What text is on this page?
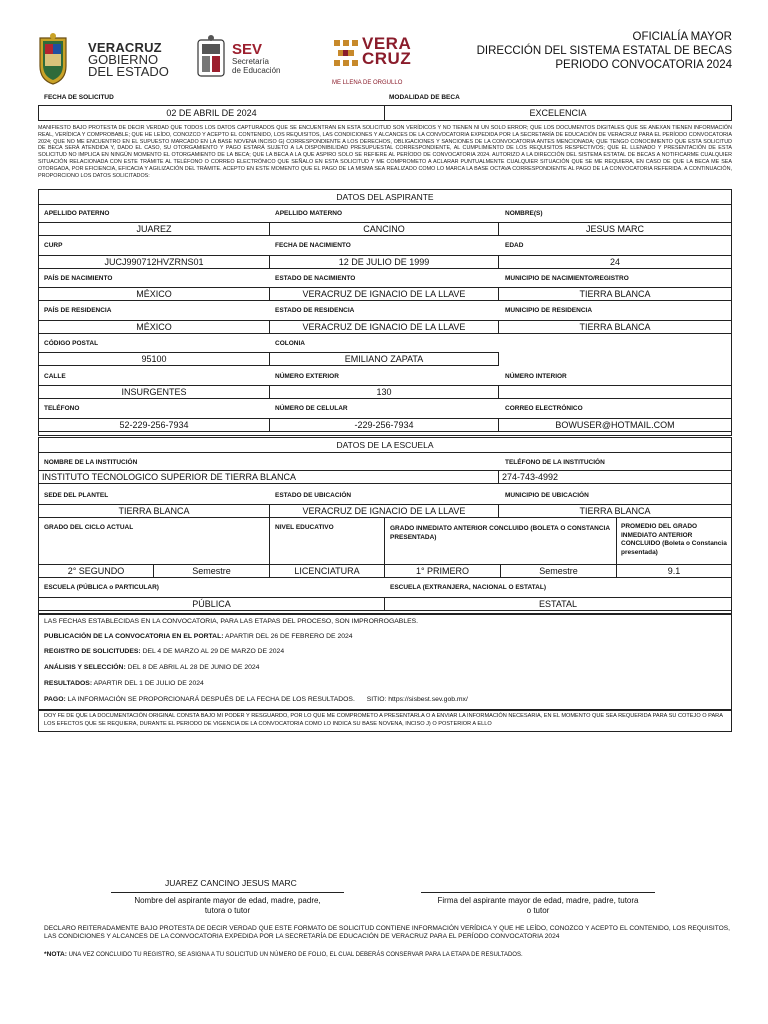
VERACRUZ
GOBIERNO
DEL ESTADO
SEV
Secretaría
de Educación
VERA
CRUZ
ME LLENA DE ORGULLO
OFICIALÍA MAYOR
DIRECCIÓN DEL SISTEMA ESTATAL DE BECAS
PERIODO CONVOCATORIA 2024
FECHA DE SOLICITUD	MODALIDAD DE BECA
02 DE ABRIL DE 2024	EXCELENCIA
MANIFIESTO BAJO PROTESTA DE DECIR VERDAD QUE TODOS LOS DATOS CAPTURADOS QUE SE ENCUENTRAN EN ESTA SOLICITUD SON VERÍDICOS Y NO TIENEN NI UN SOLO ERROR; QUE LOS DOCUMENTOS DIGITALES QUE SE ANEXAN TIENEN INFORMACIÓN REAL, VERÍDICA Y COMPROBABLE; QUE HE LEÍDO, CONOZCO Y ACEPTO EL CONTENIDO, LOS REQUISITOS, LAS CONDICIONES Y ALCANCES DE LA CONVOCATORIA EXPEDIDA POR LA SECRETARÍA DE EDUCACIÓN DE VERACRUZ PARA EL PERÍODO CONVOCATORIA 2024; QUE NO ME ENCUENTRO EN EL SUPUESTO MARCADO EN LA BASE NOVENA INCISO G) CORRESPONDIENTE A LOS DERECHOS, OBLIGACIONES Y SANCIONES DE LA CONVOCATORIA ANTES MENCIONADA; QUE TENGO CONOCIMIENTO QUE ESTA SOLICITUD DE BECA SERÁ ATENDIDA Y, DADO EL CASO, SU OTORGAMIENTO Y PAGO ESTARÁ SUJETO A LA DISPONIBILIDAD PRESUPUESTAL CORRESPONDIENTE, AL CUMPLIMIENTO DE LOS REQUISITOS RESPECTIVOS; QUE EL LLENADO Y PRESENTACIÓN DE ESTA SOLICITUD NO IMPLICA EN NINGÚN MOMENTO EL OTORGAMIENTO DE LA BECA; QUE LA BECA A LA QUE ASPIRO SOLO SE REFIERE AL PERÍODO DE CONVOCATORIA 2024. AUTORIZO A LA DIRECCIÓN DEL SISTEMA ESTATAL DE BECAS A NOTIFICARME CUALQUIER SITUACIÓN RELACIONADA CON ESTE TRÁMITE AL TELÉFONO O CORREO ELECTRÓNICO QUE SEÑALO EN ESTA SOLICITUD Y ME COMPROMETO A ACLARAR PUNTUALMENTE CUALQUIER SITUACIÓN QUE SE ME REQUIERA, EN CASO DE QUE LA BECA ME SEA OTORGADA, POR EFICIENCIA, EFICACIA Y AGILIZACIÓN DEL TRÁMITE. ACEPTO EN ESTE MOMENTO QUE EL PAGO DE LA MISMA SEA REALIZADO COMO LO MARCA LA BASE OCTAVA CORRESPONDIENTE AL PAGO DE LA CONVOCATORIA REFERIDA. A CONTINUACIÓN, PROPORCIONO LOS DATOS SOLICITADOS:
DATOS DEL ASPIRANTE
APELLIDO PATERNO	APELLIDO MATERNO	NOMBRE(S)
JUAREZ	CANCINO	JESUS MARC
CURP	FECHA DE NACIMIENTO	EDAD
JUCJ990712HVZRNS01	12 DE JULIO DE 1999	24
PAÍS DE NACIMIENTO	ESTADO DE NACIMIENTO	MUNICIPIO DE NACIMIENTO/REGISTRO
MÉXICO	VERACRUZ DE IGNACIO DE LA LLAVE	TIERRA BLANCA
PAÍS DE RESIDENCIA	ESTADO DE RESIDENCIA	MUNICIPIO DE RESIDENCIA
MÉXICO	VERACRUZ DE IGNACIO DE LA LLAVE	TIERRA BLANCA
CÓDIGO POSTAL	COLONIA
95100	EMILIANO ZAPATA
CALLE	NÚMERO EXTERIOR	NÚMERO INTERIOR
INSURGENTES	130
TELÉFONO	NÚMERO DE CELULAR	CORREO ELECTRÓNICO
52-229-256-7934	-229-256-7934	BOWUSER@HOTMAIL.COM
DATOS DE LA ESCUELA
NOMBRE DE LA INSTITUCIÓN	TELÉFONO DE LA INSTITUCIÓN
INSTITUTO TECNOLOGICO SUPERIOR DE TIERRA BLANCA	274-743-4992
SEDE DEL PLANTEL	ESTADO DE UBICACIÓN	MUNICIPIO DE UBICACIÓN
TIERRA BLANCA	VERACRUZ DE IGNACIO DE LA LLAVE	TIERRA BLANCA
GRADO DEL CICLO ACTUAL	NIVEL EDUCATIVO	GRADO INMEDIATO ANTERIOR CONCLUIDO (BOLETA O CONSTANCIA PRESENTADA)
PROMEDIO DEL GRADO INMEDIATO ANTERIOR CONCLUIDO (Boleta o Constancia presentada)
2° SEGUNDO	Semestre	LICENCIATURA	1° PRIMERO	Semestre	9.1
ESCUELA (PÚBLICA o PARTICULAR)	ESCUELA (EXTRANJERA, NACIONAL O ESTATAL)
PÚBLICA	ESTATAL
LAS FECHAS ESTABLECIDAS EN LA CONVOCATORIA, PARA LAS ETAPAS DEL PROCESO, SON IMPRORROGABLES.
PUBLICACIÓN DE LA CONVOCATORIA EN EL PORTAL: APARTIR DEL 26 DE FEBRERO DE 2024
REGISTRO DE SOLICITUDES: DEL 4 DE MARZO AL 29 DE MARZO DE 2024
ANÁLISIS Y SELECCIÓN: DEL 8 DE ABRIL AL 28 DE JUNIO DE 2024
RESULTADOS: APARTIR DEL 1 DE JULIO DE 2024
PAGO: LA INFORMACIÓN SE PROPORCIONARÁ DESPUÉS DE LA FECHA DE LOS RESULTADOS. SITIO: https://sisbest.sev.gob.mx/
DOY FE DE QUE LA DOCUMENTACIÓN ORIGINAL CONSTA BAJO MI PODER Y RESGUARDO, POR LO QUE ME COMPROMETO A PRESENTARLA O A ENVIAR LA INFORMACIÓN NECESARIA, EN EL MOMENTO QUE SEA REQUERIDA PARA SU COTEJO O PARA LOS EFECTOS QUE SE REQUIERA, DURANTE EL PERIODO DE VIGENCIA DE LA CONVOCATORIA COMO LO INDICA SU BASE NOVENA, INCISO J) O POSTERIOR A ELLO
JUAREZ CANCINO JESUS MARC
Nombre del aspirante mayor de edad, madre, padre,
tutora o tutor
Firma del aspirante mayor de edad, madre, padre, tutora
o tutor
DECLARO REITERADAMENTE BAJO PROTESTA DE DECIR VERDAD QUE ESTE FORMATO DE SOLICITUD CONTIENE INFORMACIÓN VERÍDICA Y QUE HE LEÍDO, CONOZCO Y ACEPTO EL CONTENIDO, LOS REQUISITOS, LAS CONDICIONES Y ALCANCES DE LA CONVOCATORIA EXPEDIDA POR LA SECRETARÍA DE EDUCACIÓN DE VERACRUZ PARA EL PERÍODO CONVOCATORIA 2024
*NOTA: UNA VEZ CONCLUIDO TU REGISTRO, SE ASIGNA A TU SOLICITUD UN NÚMERO DE FOLIO, EL CUAL DEBERÁS CONSERVAR PARA LA ETAPA DE RESULTADOS.
